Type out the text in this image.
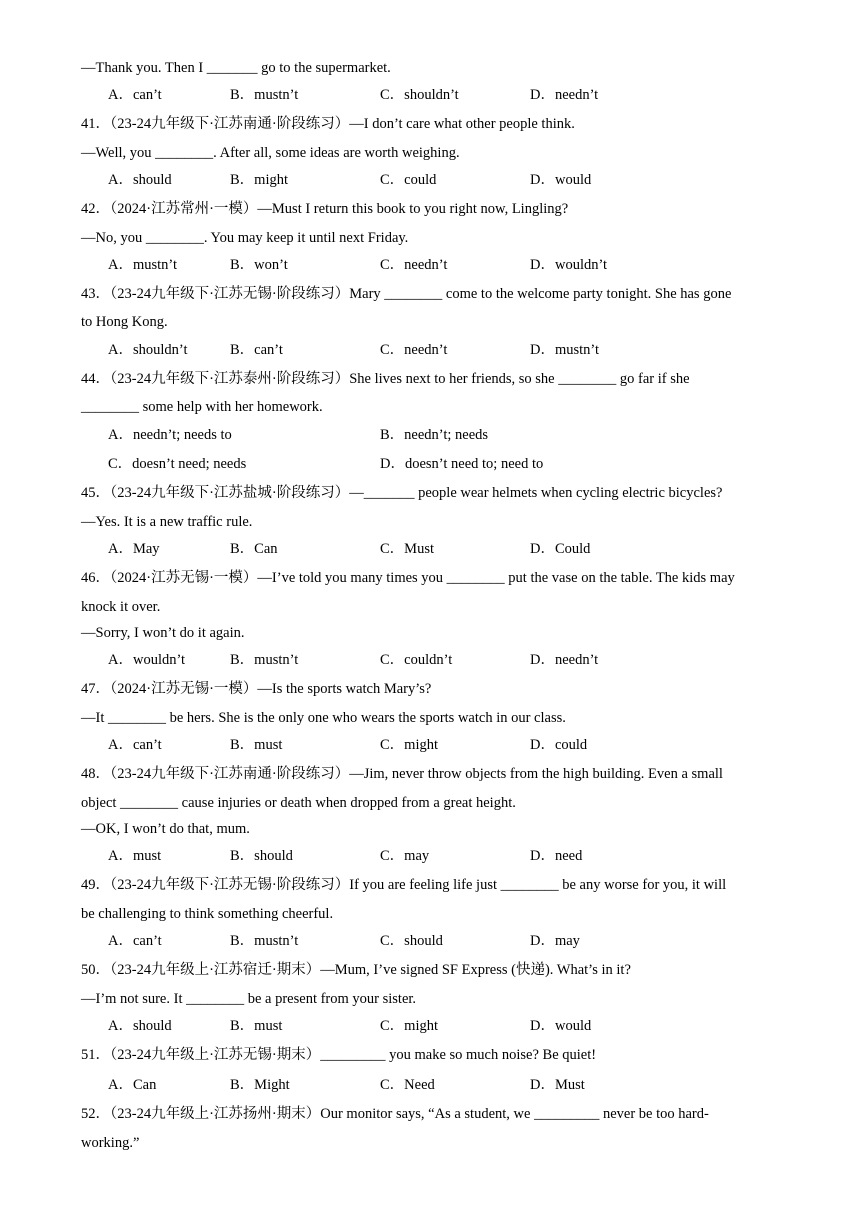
—Thank you. Then I _______ go to the supermarket.
A．can’t	B．mustn’t	C．shouldn’t	D．needn’t
41．（23-24九年级下·江苏南通·阶段练习）—I don’t care what other people think.
—Well, you ________. After all, some ideas are worth weighing.
A．should	B．might	C．could	D．would
42．（2024·江苏常州·一模）—Must I return this book to you right now, Lingling?
—No, you ________. You may keep it until next Friday.
A．mustn’t	B．won’t	C．needn’t	D．wouldn’t
43．（23-24九年级下·江苏无锡·阶段练习）Mary ________ come to the welcome party tonight. She has gone
to Hong Kong.
A．shouldn’t	B．can’t	C．needn’t	D．mustn’t
44．（23-24九年级下·江苏泰州·阶段练习）She lives next to her friends, so she ________ go far if she
________ some help with her homework.
A．needn’t; needs to	B．needn’t; needs
C．doesn’t need; needs	D．doesn’t need to; need to
45．（23-24九年级下·江苏盐城·阶段练习）—_______ people wear helmets when cycling electric bicycles?
—Yes. It is a new traffic rule.
A．May	B．Can	C．Must	D．Could
46．（2024·江苏无锡·一模）—I’ve told you many times you ________ put the vase on the table. The kids may
knock it over.
—Sorry, I won’t do it again.
A．wouldn’t	B．mustn’t	C．couldn’t	D．needn’t
47．（2024·江苏无锡·一模）—Is the sports watch Mary’s?
—It ________ be hers. She is the only one who wears the sports watch in our class.
A．can’t	B．must	C．might	D．could
48．（23-24九年级下·江苏南通·阶段练习）—Jim, never throw objects from the high building. Even a small
object ________ cause injuries or death when dropped from a great height.
—OK, I won’t do that, mum.
A．must	B．should	C．may	D．need
49．（23-24九年级下·江苏无锡·阶段练习）If you are feeling life just ________ be any worse for you, it will
be challenging to think something cheerful.
A．can’t	B．mustn’t	C．should	D．may
50．（23-24九年级上·江苏宿迁·期末）—Mum, I’ve signed SF Express (快递). What’s in it?
—I’m not sure. It ________ be a present from your sister.
A．should	B．must	C．might	D．would
51．（23-24九年级上·江苏无锡·期末）_________ you make so much noise? Be quiet!
A．Can	B．Might	C．Need	D．Must
52．（23-24九年级上·江苏扬州·期末）Our monitor says, “As a student, we _________ never be too hard-
working.”
